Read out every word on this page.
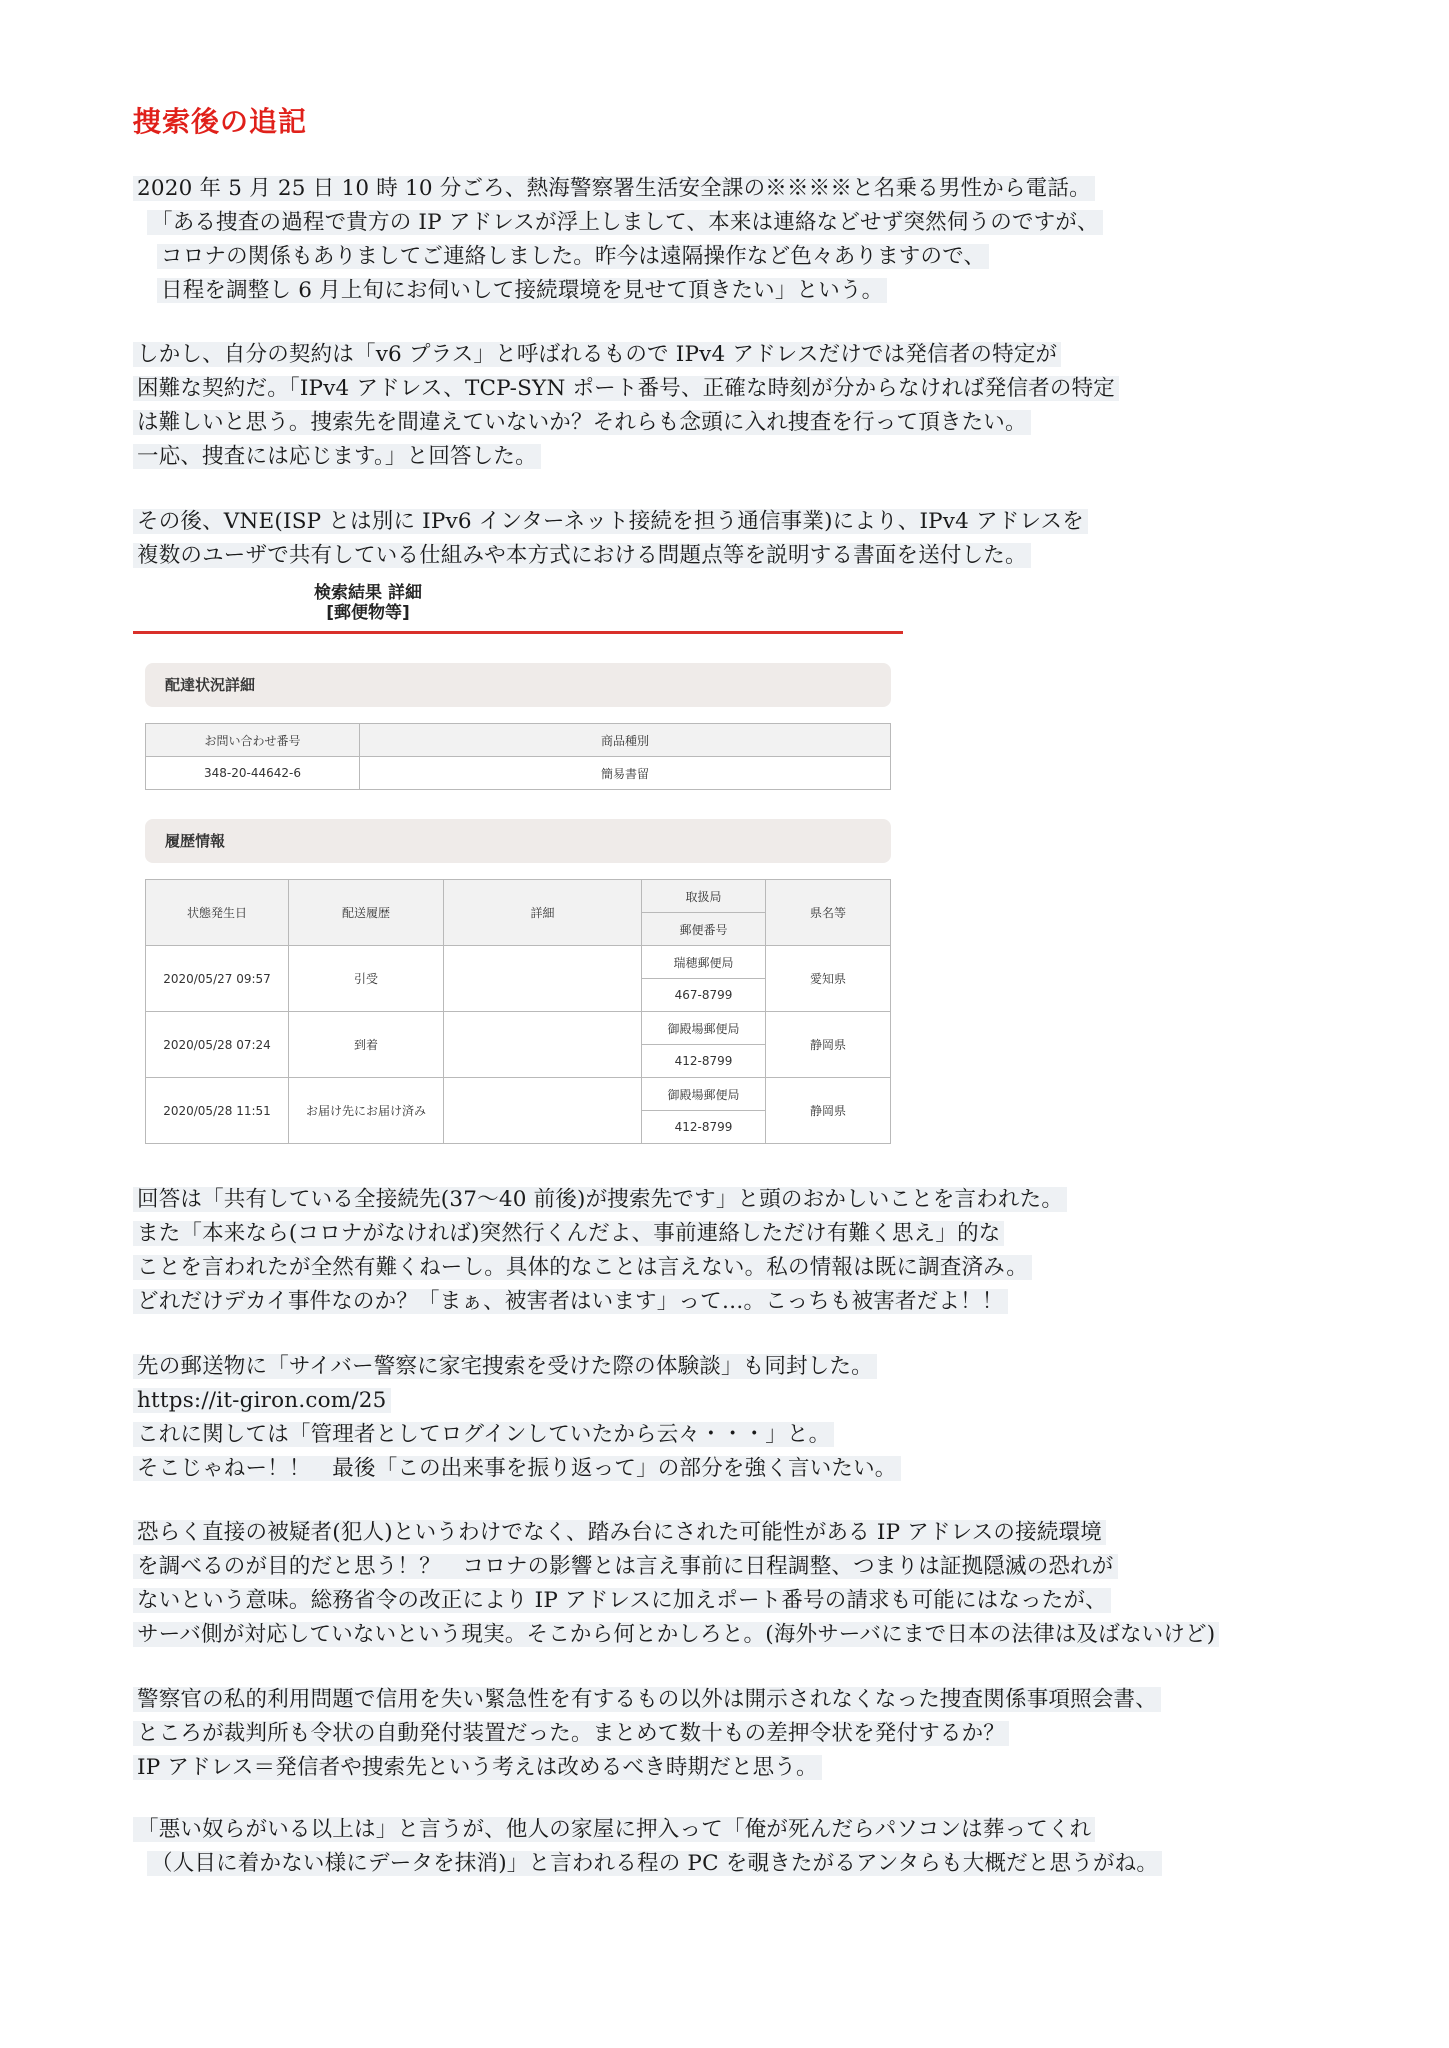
捜索後の追記
2020 年 5 月 25 日 10 時 10 分ごろ、熱海警察署生活安全課の※※※※と名乗る男性から電話。
「ある捜査の過程で貴方の IP アドレスが浮上しまして、本来は連絡などせず突然伺うのですが、
コロナの関係もありましてご連絡しました。昨今は遠隔操作など色々ありますので、
日程を調整し 6 月上旬にお伺いして接続環境を見せて頂きたい」という。
しかし、自分の契約は「v6 プラス」と呼ばれるもので IPv4 アドレスだけでは発信者の特定が
困難な契約だ。「IPv4 アドレス、TCP-SYN ポート番号、正確な時刻が分からなければ発信者の特定
は難しいと思う。捜索先を間違えていないか？それらも念頭に入れ捜査を行って頂きたい。
一応、捜査には応じます。」と回答した。
その後、VNE(ISP とは別に IPv6 インターネット接続を担う通信事業)により、IPv4 アドレスを
複数のユーザで共有している仕組みや本方式における問題点等を説明する書面を送付した。
検索結果 詳細
[郵便物等]
配達状況詳細
お問い合わせ番号	商品種別
348-20-44642-6	簡易書留
履歴情報
状態発生日	配送履歴	詳細	取扱局	県名等
			郵便番号	
2020/05/27 09:57	引受		瑞穂郵便局	愛知県
			467-8799	
2020/05/28 07:24	到着		御殿場郵便局	静岡県
			412-8799	
2020/05/28 11:51	お届け先にお届け済み		御殿場郵便局	静岡県
			412-8799	
回答は「共有している全接続先(37〜40 前後)が捜索先です」と頭のおかしいことを言われた。
また「本来なら(コロナがなければ)突然行くんだよ、事前連絡しただけ有難く思え」的な
ことを言われたが全然有難くねーし。具体的なことは言えない。私の情報は既に調査済み。
どれだけデカイ事件なのか？「まぁ、被害者はいます」って…。こっちも被害者だよ！！
先の郵送物に「サイバー警察に家宅捜索を受けた際の体験談」も同封した。
https://it-giron.com/25
これに関しては「管理者としてログインしていたから云々・・・」と。
そこじゃねー！！　最後「この出来事を振り返って」の部分を強く言いたい。
恐らく直接の被疑者(犯人)というわけでなく、踏み台にされた可能性がある IP アドレスの接続環境
を調べるのが目的だと思う！？　コロナの影響とは言え事前に日程調整、つまりは証拠隠滅の恐れが
ないという意味。総務省令の改正により IP アドレスに加えポート番号の請求も可能にはなったが、
サーバ側が対応していないという現実。そこから何とかしろと。(海外サーバにまで日本の法律は及ばないけど)
警察官の私的利用問題で信用を失い緊急性を有するもの以外は開示されなくなった捜査関係事項照会書、
ところが裁判所も令状の自動発付装置だった。まとめて数十もの差押令状を発付するか？
IP アドレス＝発信者や捜索先という考えは改めるべき時期だと思う。
「悪い奴らがいる以上は」と言うが、他人の家屋に押入って「俺が死んだらパソコンは葬ってくれ
（人目に着かない様にデータを抹消)」と言われる程の PC を覗きたがるアンタらも大概だと思うがね。
